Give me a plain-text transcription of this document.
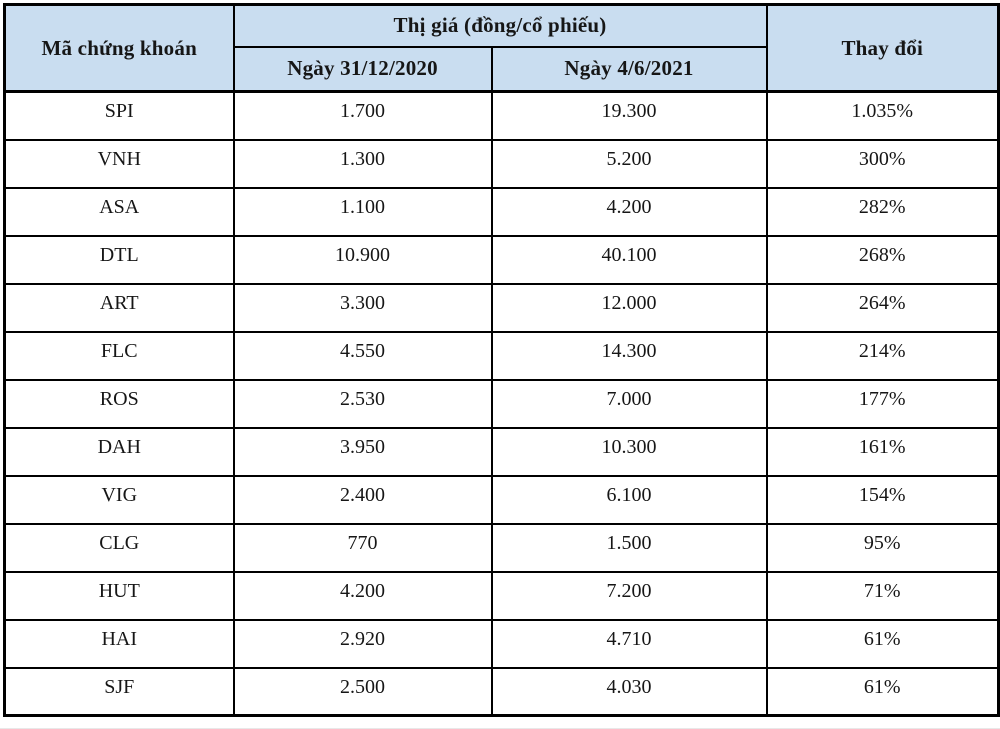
Mã chứng khoán	Thị giá (đồng/cổ phiếu)		Thay đổi
	Ngày 31/12/2020	Ngày 4/6/2021	
SPI	1.700	19.300	1.035%
VNH	1.300	5.200	300%
ASA	1.100	4.200	282%
DTL	10.900	40.100	268%
ART	3.300	12.000	264%
FLC	4.550	14.300	214%
ROS	2.530	7.000	177%
DAH	3.950	10.300	161%
VIG	2.400	6.100	154%
CLG	770	1.500	95%
HUT	4.200	7.200	71%
HAI	2.920	4.710	61%
SJF	2.500	4.030	61%
